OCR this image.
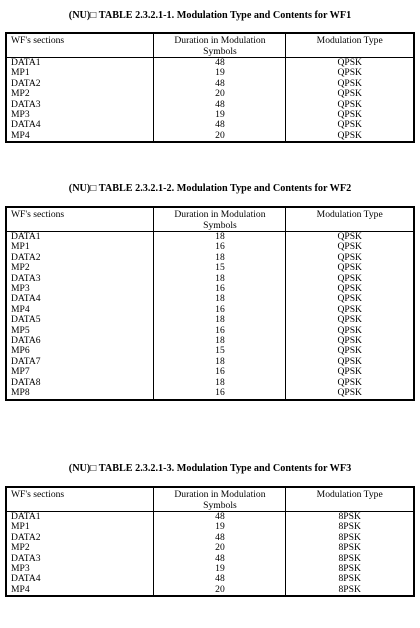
(NU)□ TABLE 2.3.2.1-1. Modulation Type and Contents for WF1
WF's sections	Duration in Modulation Symbols	Modulation Type
DATA1	48	QPSK
MP1	19	QPSK
DATA2	48	QPSK
MP2	20	QPSK
DATA3	48	QPSK
MP3	19	QPSK
DATA4	48	QPSK
MP4	20	QPSK
(NU)□ TABLE 2.3.2.1-2. Modulation Type and Contents for WF2
WF's sections	Duration in Modulation Symbols	Modulation Type
DATA1	18	QPSK
MP1	16	QPSK
DATA2	18	QPSK
MP2	15	QPSK
DATA3	18	QPSK
MP3	16	QPSK
DATA4	18	QPSK
MP4	16	QPSK
DATA5	18	QPSK
MP5	16	QPSK
DATA6	18	QPSK
MP6	15	QPSK
DATA7	18	QPSK
MP7	16	QPSK
DATA8	18	QPSK
MP8	16	QPSK
(NU)□ TABLE 2.3.2.1-3. Modulation Type and Contents for WF3
WF's sections	Duration in Modulation Symbols	Modulation Type
DATA1	48	8PSK
MP1	19	8PSK
DATA2	48	8PSK
MP2	20	8PSK
DATA3	48	8PSK
MP3	19	8PSK
DATA4	48	8PSK
MP4	20	8PSK
